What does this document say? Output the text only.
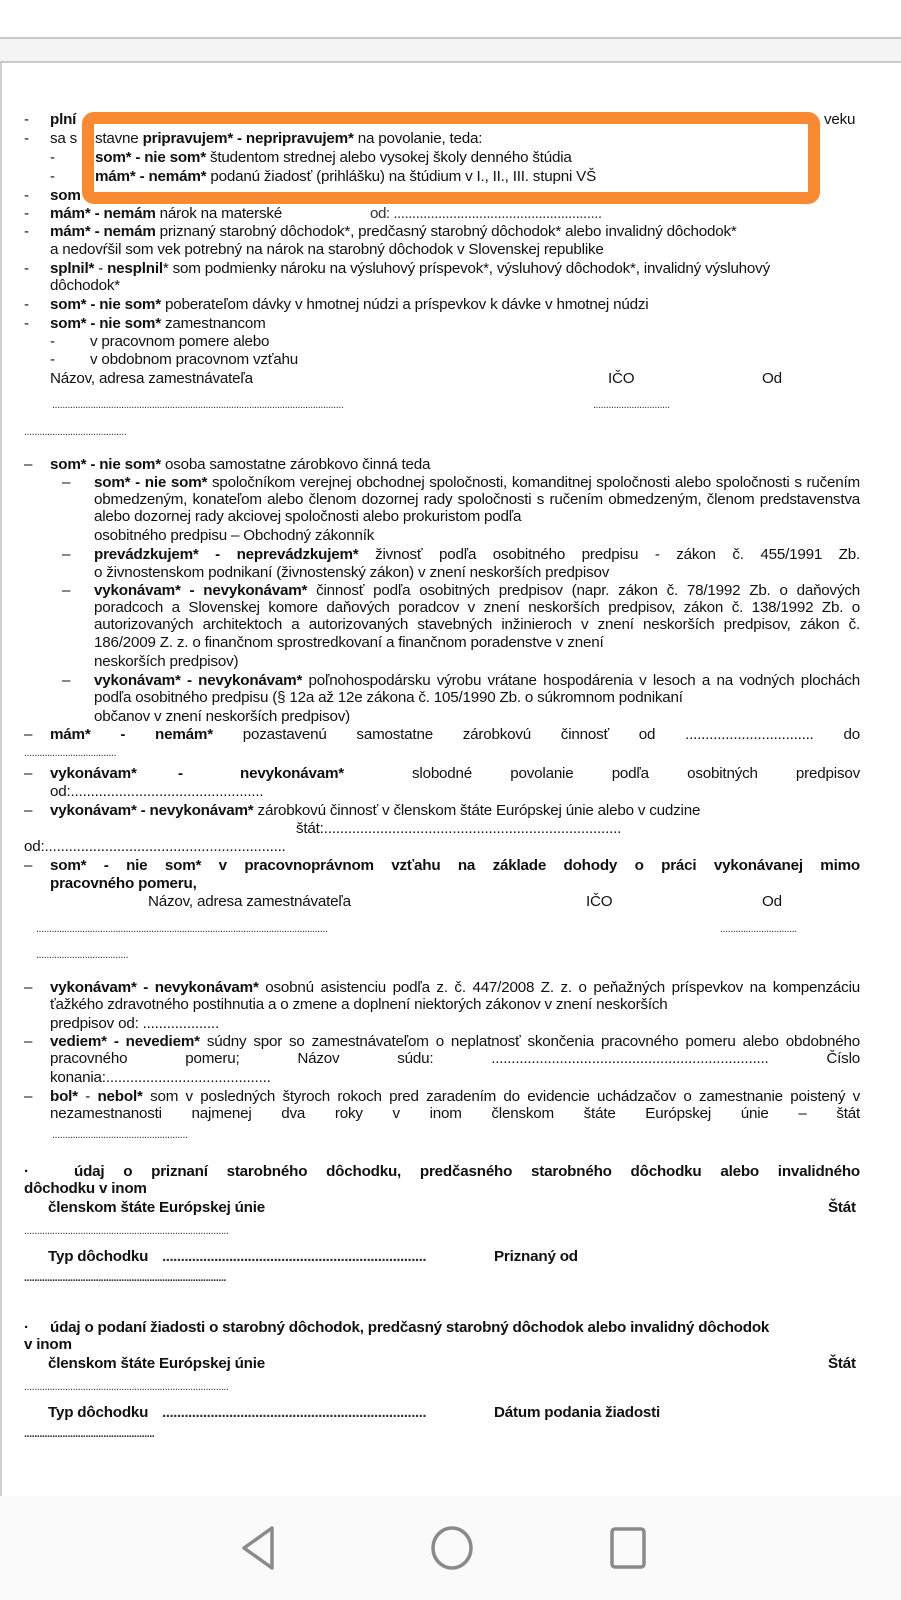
- plní	veku
- sa s stavne pripravujem* - nepripravujem* na povolanie, teda:
-	som* - nie som* študentom strednej alebo vysokej školy denného štúdia
-	mám* - nemám* podanú žiadosť (prihlášku) na štúdium v I., II., III. stupni VŠ
- som
- mám* - nemám nárok na materské	od: ........................................................
- mám* - nemám priznaný starobný dôchodok*, predčasný starobný dôchodok* alebo invalidný dôchodok*
a nedovŕšil som vek potrebný na nárok na starobný dôchodok v Slovenskej republike
- splnil* - nesplnil* som podmienky nároku na výsluhový príspevok*, výsluhový dôchodok*, invalidný výsluhový
dôchodok*
- som* - nie som* poberateľom dávky v hmotnej núdzi a príspevkov k dávke v hmotnej núdzi
- som* - nie som* zamestnancom
- v pracovnom pomere alebo
- v obdobnom pracovnom vzťahu
Názov, adresa zamestnávateľa	IČO	Od
..................................................................................................................	..............................
........................................
– som* - nie som* osoba samostatne zárobkovo činná teda
– som* - nie som* spoločníkom verejnej obchodnej spoločnosti, komanditnej spoločnosti alebo spoločnosti s ručením obmedzeným, konateľom alebo členom dozornej rady spoločnosti s ručením obmedzeným, členom predstavenstva alebo dozornej rady akciovej spoločnosti alebo prokuristom podľa
osobitného predpisu – Obchodný zákonník
– prevádzkujem* - neprevádzkujem* živnosť podľa osobitného predpisu - zákon č. 455/1991 Zb.
o živnostenskom podnikaní (živnostenský zákon) v znení neskorších predpisov
– vykonávam* - nevykonávam* činnosť podľa osobitných predpisov (napr. zákon č. 78/1992 Zb. o daňových poradcoch a Slovenskej komore daňových poradcov v znení neskorších predpisov, zákon č. 138/1992 Zb. o autorizovaných architektoch a autorizovaných stavebných inžinieroch v znení neskorších predpisov, zákon č. 186/2009 Z. z. o finančnom sprostredkovaní a finančnom poradenstve v znení
neskorších predpisov)
– vykonávam* - nevykonávam* poľnohospodársku výrobu vrátane hospodárenia v lesoch a na vodných plochách podľa osobitného predpisu (§ 12a až 12e zákona č. 105/1990 Zb. o súkromnom podnikaní
občanov v znení neskorších predpisov)
– mám* - nemám* pozastavenú samostatne zárobkovú činnosť od ................................ do
....................................
– vykonávam*	-	nevykonávam*	slobodné povolanie podľa osobitných predpisov
od:................................................
– vykonávam* - nevykonávam* zárobkovú činnosť v členskom štáte Európskej únie alebo v cudzine
štát:..........................................................................
od:............................................................
– som* - nie som* v pracovnoprávnom vzťahu na základe dohody o práci vykonávanej mimo
pracovného pomeru,
Názov, adresa zamestnávateľa	IČO	Od
..................................................................................................................	..............................
....................................
– vykonávam* - nevykonávam* osobnú asistenciu podľa z. č. 447/2008 Z. z. o peňažných príspevkov na kompenzáciu ťažkého zdravotného postihnutia a o zmene a doplnení niektorých zákonov v znení neskorších
predpisov od: ...................
– vediem* - nevediem* súdny spor so zamestnávateľom o neplatnosť skončenia pracovného pomeru alebo obdobného pracovného pomeru; Názov súdu: ..................................................................... Číslo
konania:.........................................
– bol* - nebol* som v posledných štyroch rokoch pred zaradením do evidencie uchádzačov o zamestnanie poistený v nezamestnanosti najmenej dva roky v inom členskom štáte Európskej únie – štát
.....................................................
·	údaj o priznaní starobného dôchodku, predčasného starobného dôchodku alebo invalidného
dôchodku v inom
členskom štáte Európskej únie	Štát
................................................................................
Typ dôchodku .......................................................................	Priznaný od
...............................................................................
· údaj o podaní žiadosti o starobný dôchodok, predčasný starobný dôchodok alebo invalidný dôchodok
v inom
členskom štáte Európskej únie	Štát
................................................................................
Typ dôchodku .......................................................................	Dátum podania žiadosti
...................................................
